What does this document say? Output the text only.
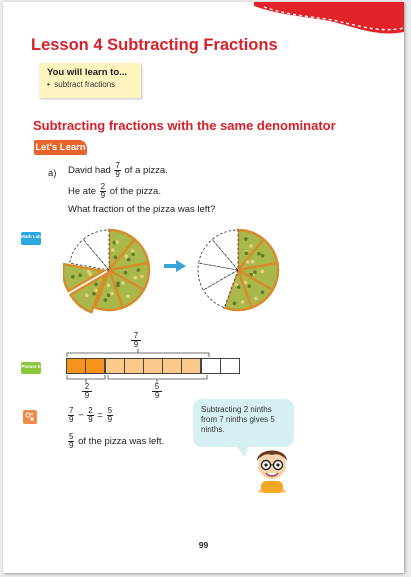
Lesson 4 Subtracting Fractions
You will learn to...
•  subtract fractions
Subtracting fractions with the same denominator
Let's Learn
a) David had $\frac{7}{9}$ of a pizza.
He ate $\frac{2}{9}$ of the pizza.
What fraction of the pizza was left?
Math Lab
Picture It
$\frac{7}{9}$
$\frac{2}{9}$	$\frac{5}{9}$
$\frac{7}{9} - \frac{2}{9} = \frac{5}{9}$
$\frac{5}{9}$ of the pizza was left.
Subtracting 2 ninths from 7 ninths gives 5 ninths.
99
